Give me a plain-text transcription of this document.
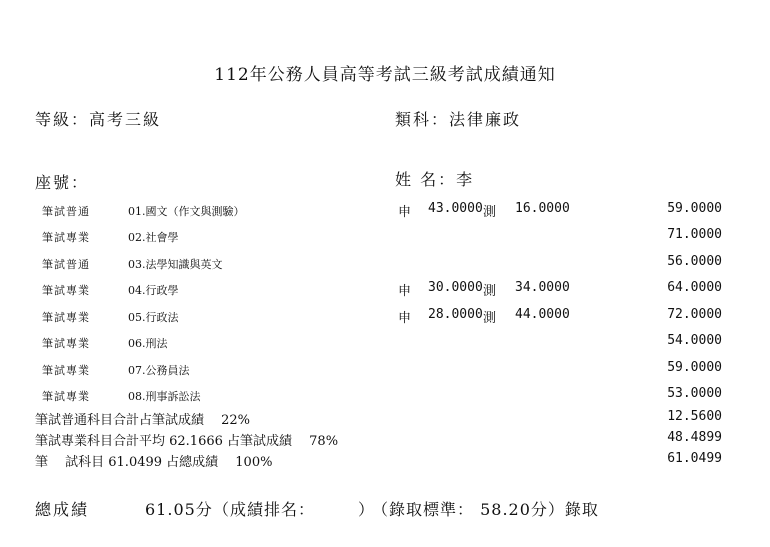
112年公務人員高等考試三級考試成績通知
等級：高考三級	類科：法律廉政
座號：	姓 名：李
筆試普通	01.國文（作文與測驗）	申 43.0000 測 16.0000	59.0000
筆試專業	02.社會學	71.0000
筆試普通	03.法學知識與英文	56.0000
筆試專業	04.行政學	申 30.0000 測 34.0000	64.0000
筆試專業	05.行政法	申 28.0000 測 44.0000	72.0000
筆試專業	06.刑法	54.0000
筆試專業	07.公務員法	59.0000
筆試專業	08.刑事訴訟法	53.0000
筆試普通科目合計占筆試成績　 22%	12.5600
筆試專業科目合計平均 62.1666 占筆試成績　 78%	48.4899
筆　 試科目 61.0499 占總成績　 100%	61.0499
總成績	61.05分 （成績排名：　　　）
（錄取標準： 58.20分）錄取
